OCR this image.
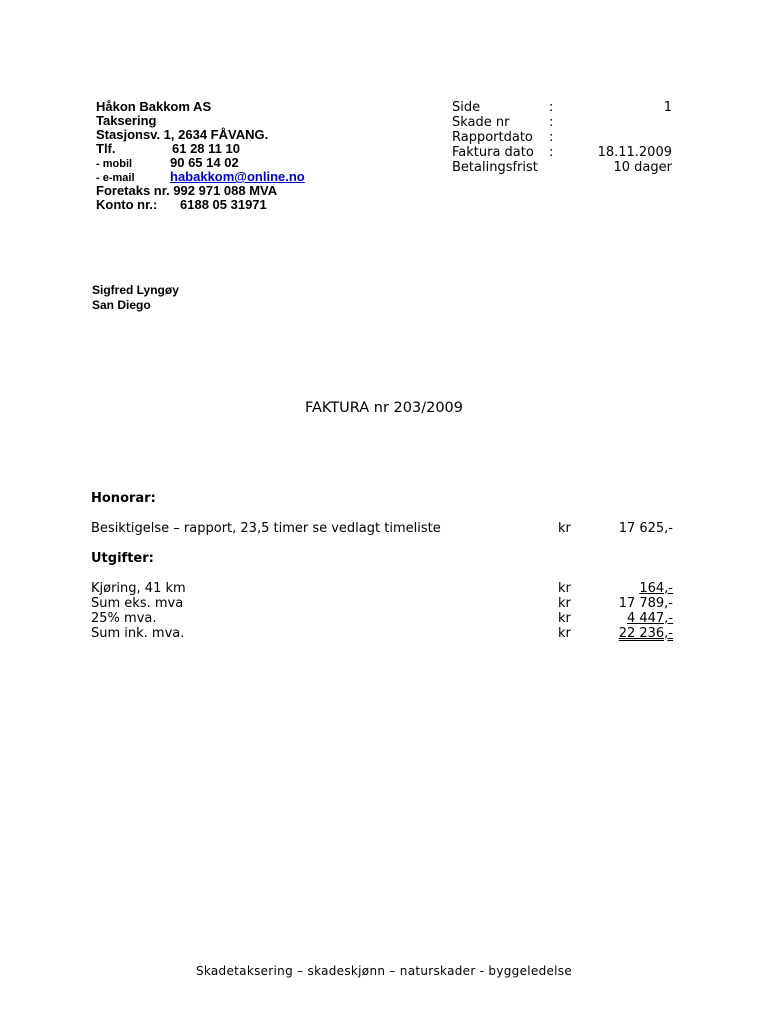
Håkon Bakkom AS
Taksering
Stasjonsv. 1, 2634 FÅVANG.
Tlf.	61 28 11 10
- mobil	90 65 14 02
- e-mail	habakkom@online.no
Foretaks nr. 992 971 088 MVA
Konto nr.: 6188 05 31971
Side	:	1
Skade nr	:
Rapportdato :
Faktura dato :	18.11.2009
Betalingsfrist	10 dager
Sigfred Lyngøy
San Diego
FAKTURA nr 203/2009
Honorar:
Besiktigelse – rapport, 23,5 timer se vedlagt timeliste	kr	17 625,-
Utgifter:
Kjøring, 41 km	kr	164,-
Sum eks. mva	kr	17 789,-
25% mva.	kr	4 447,-
Sum ink. mva.	kr	22 236,-
Skadetaksering – skadeskjønn – naturskader - byggeledelse
